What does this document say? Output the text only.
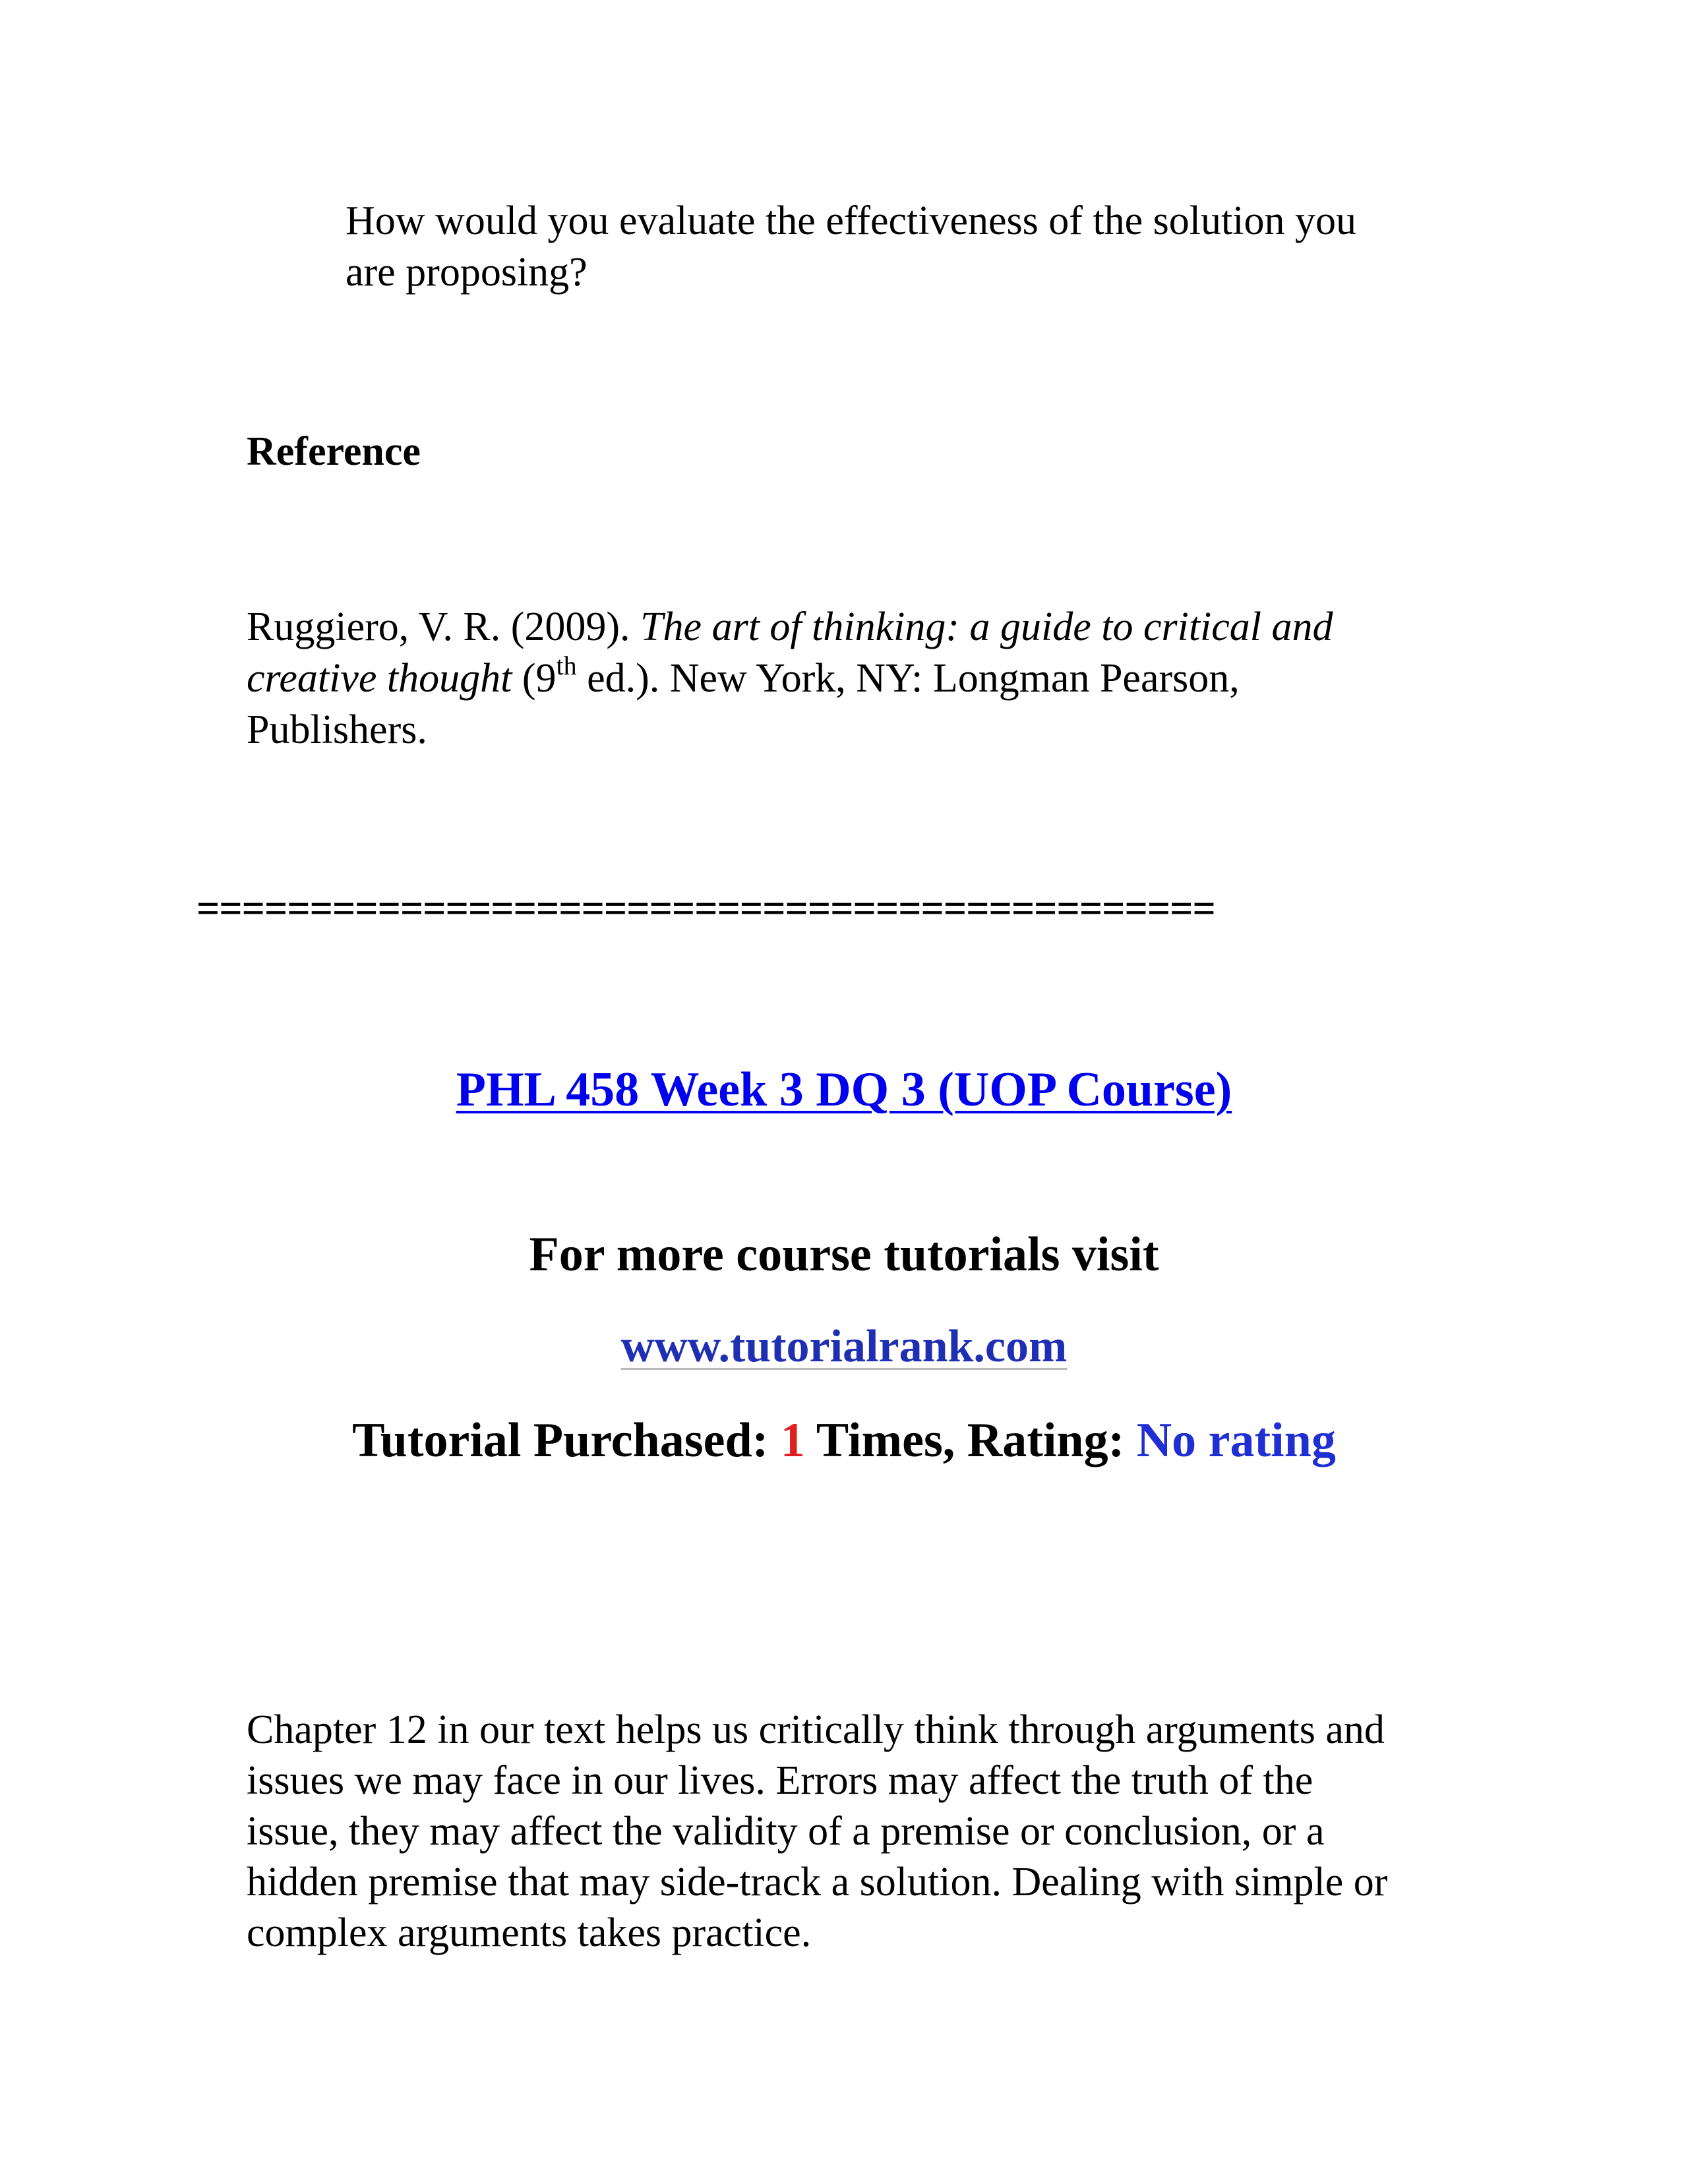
How would you evaluate the effectiveness of the solution you
are proposing?
Reference
Ruggiero, V. R. (2009). The art of thinking: a guide to critical and
creative thought (9th ed.). New York, NY: Longman Pearson,
Publishers.
=============================================
PHL 458 Week 3 DQ 3 (UOP Course)
For more course tutorials visit
www.tutorialrank.com
Tutorial Purchased: 1 Times, Rating: No rating
Chapter 12 in our text helps us critically think through arguments and
issues we may face in our lives. Errors may affect the truth of the
issue, they may affect the validity of a premise or conclusion, or a
hidden premise that may side-track a solution. Dealing with simple or
complex arguments takes practice.
